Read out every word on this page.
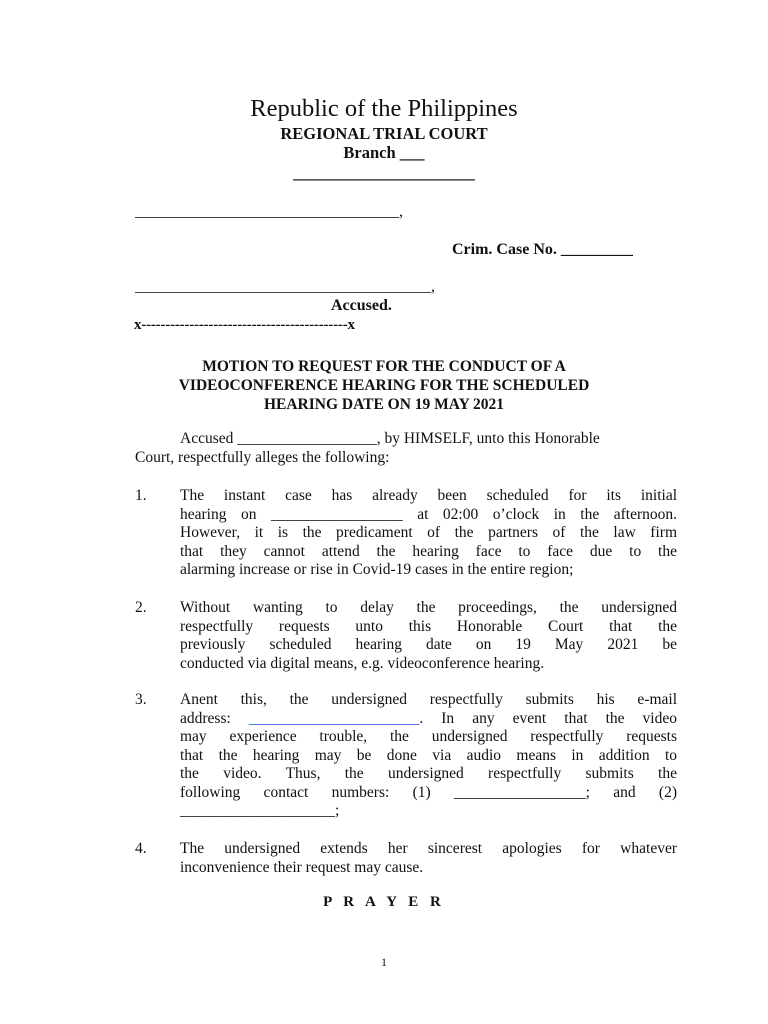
Republic of the Philippines
REGIONAL TRIAL COURT
Branch ___
______________________
_________________________________,
Crim. Case No. _________
_____________________________________,
Accused.
x-------------------------------------------x
MOTION TO REQUEST FOR THE CONDUCT OF A
VIDEOCONFERENCE HEARING FOR THE SCHEDULED
HEARING DATE ON 19 MAY 2021
Accused __________________, by HIMSELF, unto this Honorable
Court, respectfully alleges the following:
1. The instant case has already been scheduled for its initial
hearing on _________________ at 02:00 o’clock in the afternoon.
However, it is the predicament of the partners of the law firm
that they cannot attend the hearing face to face due to the
alarming increase or rise in Covid-19 cases in the entire region;
2. Without wanting to delay the proceedings, the undersigned
respectfully requests unto this Honorable Court that the
previously scheduled hearing date on 19 May 2021 be
conducted via digital means, e.g. videoconference hearing.
3. Anent this, the undersigned respectfully submits his e-mail
address: ______________________. In any event that the video
may experience trouble, the undersigned respectfully requests
that the hearing may be done via audio means in addition to
the video. Thus, the undersigned respectfully submits the
following contact numbers: (1) _________________; and (2)
____________________;
4. The undersigned extends her sincerest apologies for whatever
inconvenience their request may cause.
P R A Y E R
1
